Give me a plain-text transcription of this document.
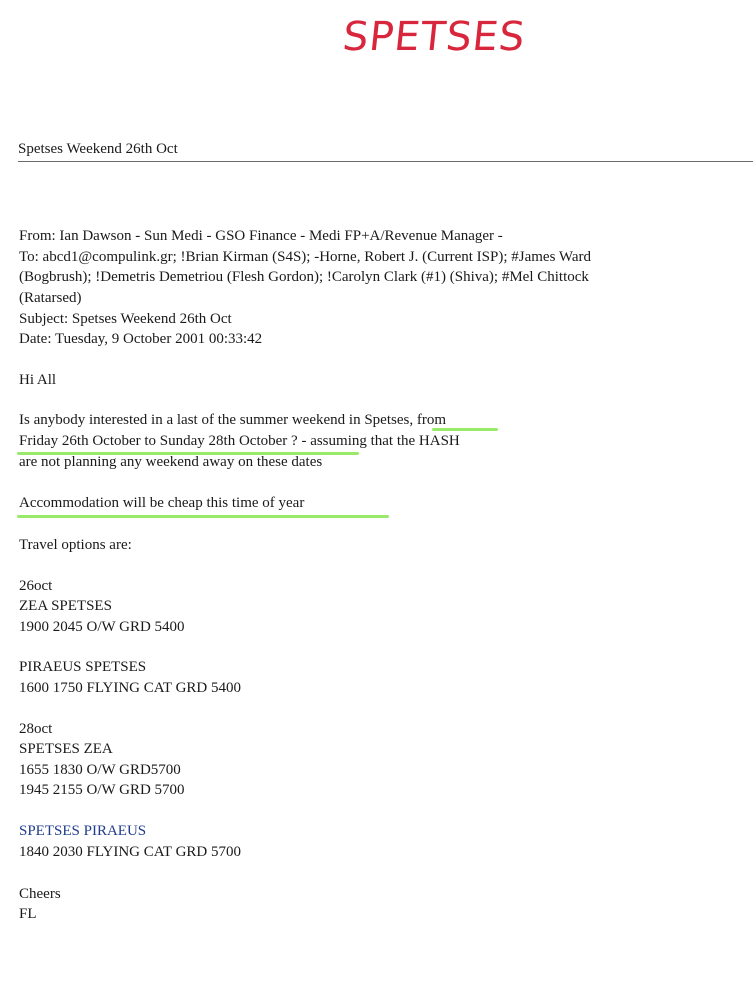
SPETSES
Spetses Weekend 26th Oct
From: Ian Dawson - Sun Medi - GSO Finance - Medi FP+A/Revenue Manager -
To: abcd1@compulink.gr; !Brian Kirman (S4S); -Horne, Robert J. (Current ISP); #James Ward
(Bogbrush); !Demetris Demetriou (Flesh Gordon); !Carolyn Clark (#1) (Shiva); #Mel Chittock
(Ratarsed)
Subject: Spetses Weekend 26th Oct
Date: Tuesday, 9 October 2001 00:33:42
Hi All
Is anybody interested in a last of the summer weekend in Spetses, from
Friday 26th October to Sunday 28th October ? - assuming that the HASH
are not planning any weekend away on these dates
Accommodation will be cheap this time of year
Travel options are:
26oct
ZEA SPETSES
1900 2045 O/W GRD 5400
PIRAEUS SPETSES
1600 1750 FLYING CAT GRD 5400
28oct
SPETSES ZEA
1655 1830 O/W GRD5700
1945 2155 O/W GRD 5700
SPETSES PIRAEUS
1840 2030 FLYING CAT GRD 5700
Cheers
FL
